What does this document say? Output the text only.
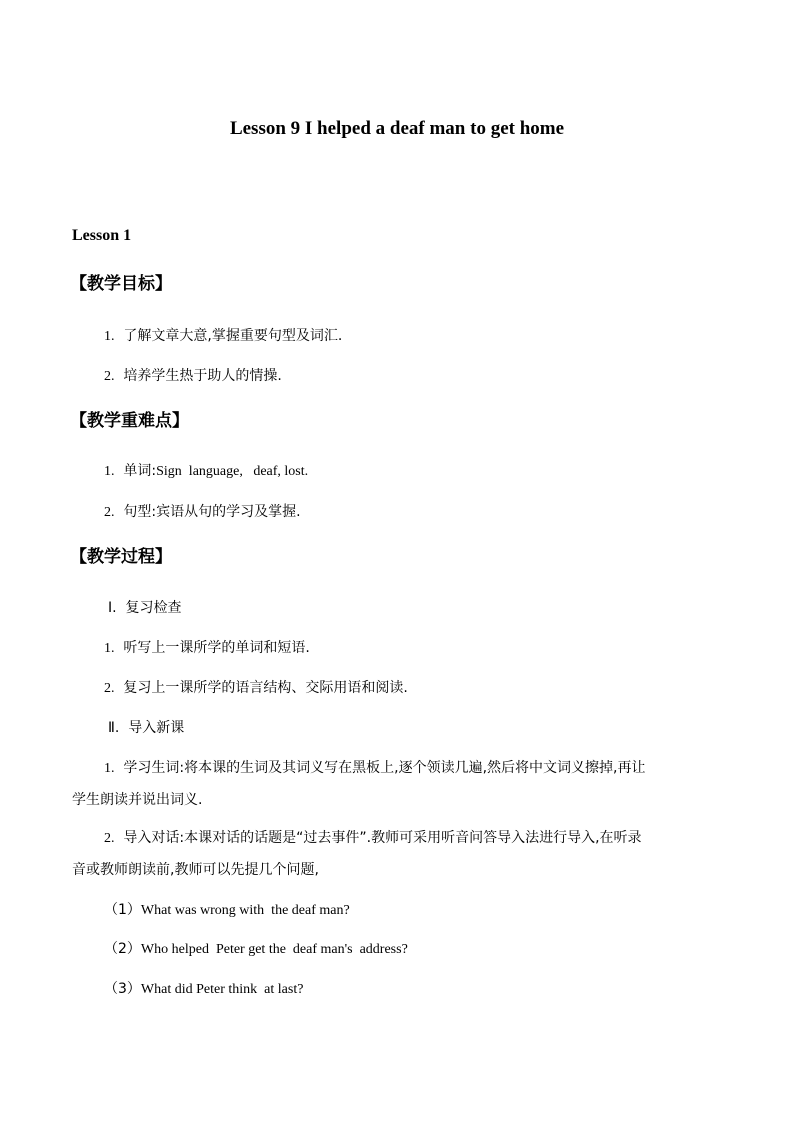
Lesson 9 I helped a deaf man to get home
Lesson 1
【教学目标】
1. 了解文章大意,掌握重要句型及词汇.
2. 培养学生热于助人的情操.
【教学重难点】
1. 单词:Sign  language,   deaf, lost.
2. 句型:宾语从句的学习及掌握.
【教学过程】
Ⅰ. 复习检查
1. 听写上一课所学的单词和短语.
2. 复习上一课所学的语言结构、交际用语和阅读.
Ⅱ. 导入新课
1. 学习生词:将本课的生词及其词义写在黑板上,逐个领读几遍,然后将中文词义擦掉,再让
学生朗读并说出词义.
2. 导入对话:本课对话的话题是“过去事件”.教师可采用听音问答导入法进行导入,在听录
音或教师朗读前,教师可以先提几个问题,
（1）What was wrong with  the deaf man?
（2）Who helped  Peter get the  deaf man's  address?
（3）What did Peter think  at last?
